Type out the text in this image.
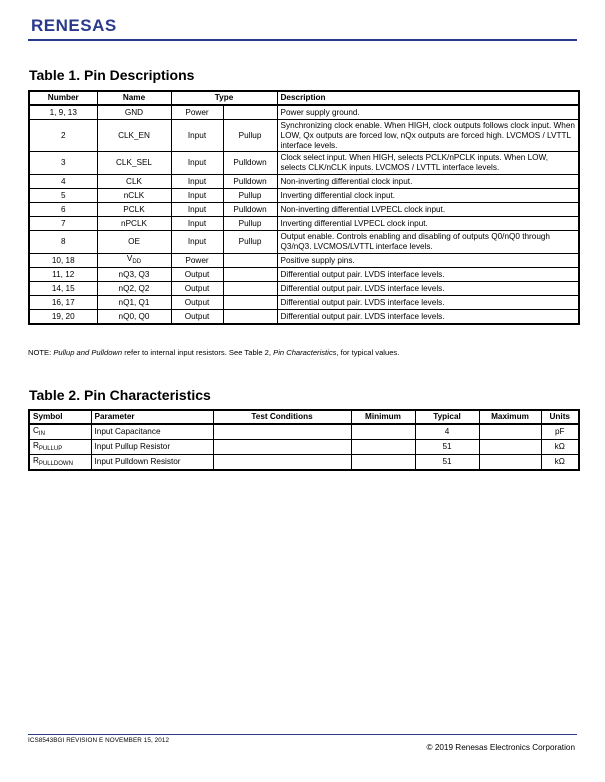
RENESAS
Table 1. Pin Descriptions
Number	Name	Type		Description
1, 9, 13	GND	Power		Power supply ground.
2	CLK_EN	Input	Pullup	Synchronizing clock enable. When HIGH, clock outputs follows clock input. When LOW, Qx outputs are forced low, nQx outputs are forced high. LVCMOS / LVTTL interface levels.
3	CLK_SEL	Input	Pulldown	Clock select input. When HIGH, selects PCLK/nPCLK inputs. When LOW, selects CLK/nCLK inputs. LVCMOS / LVTTL interface levels.
4	CLK	Input	Pulldown	Non-inverting differential clock input.
5	nCLK	Input	Pullup	Inverting differential clock input.
6	PCLK	Input	Pulldown	Non-inverting differential LVPECL clock input.
7	nPCLK	Input	Pullup	Inverting differential LVPECL clock input.
8	OE	Input	Pullup	Output enable. Controls enabling and disabling of outputs Q0/nQ0 through Q3/nQ3. LVCMOS/LVTTL interface levels.
10, 18	$V_{DD}$	Power		Positive supply pins.
11, 12	nQ3, Q3	Output		Differential output pair. LVDS interface levels.
14, 15	nQ2, Q2	Output		Differential output pair. LVDS interface levels.
16, 17	nQ1, Q1	Output		Differential output pair. LVDS interface levels.
19, 20	nQ0, Q0	Output		Differential output pair. LVDS interface levels.
NOTE: Pullup and Pulldown refer to internal input resistors. See Table 2, Pin Characteristics, for typical values.
Table 2. Pin Characteristics
Symbol	Parameter	Test Conditions	Minimum	Typical	Maximum	Units
$C_{IN}$	Input Capacitance			4		pF
$R_{PULLUP}$	Input Pullup Resistor			51		kΩ
$R_{PULLDOWN}$	Input Pulldown Resistor			51		kΩ
ICS8543BGI REVISION E NOVEMBER 15, 2012
© 2019 Renesas Electronics Corporation
